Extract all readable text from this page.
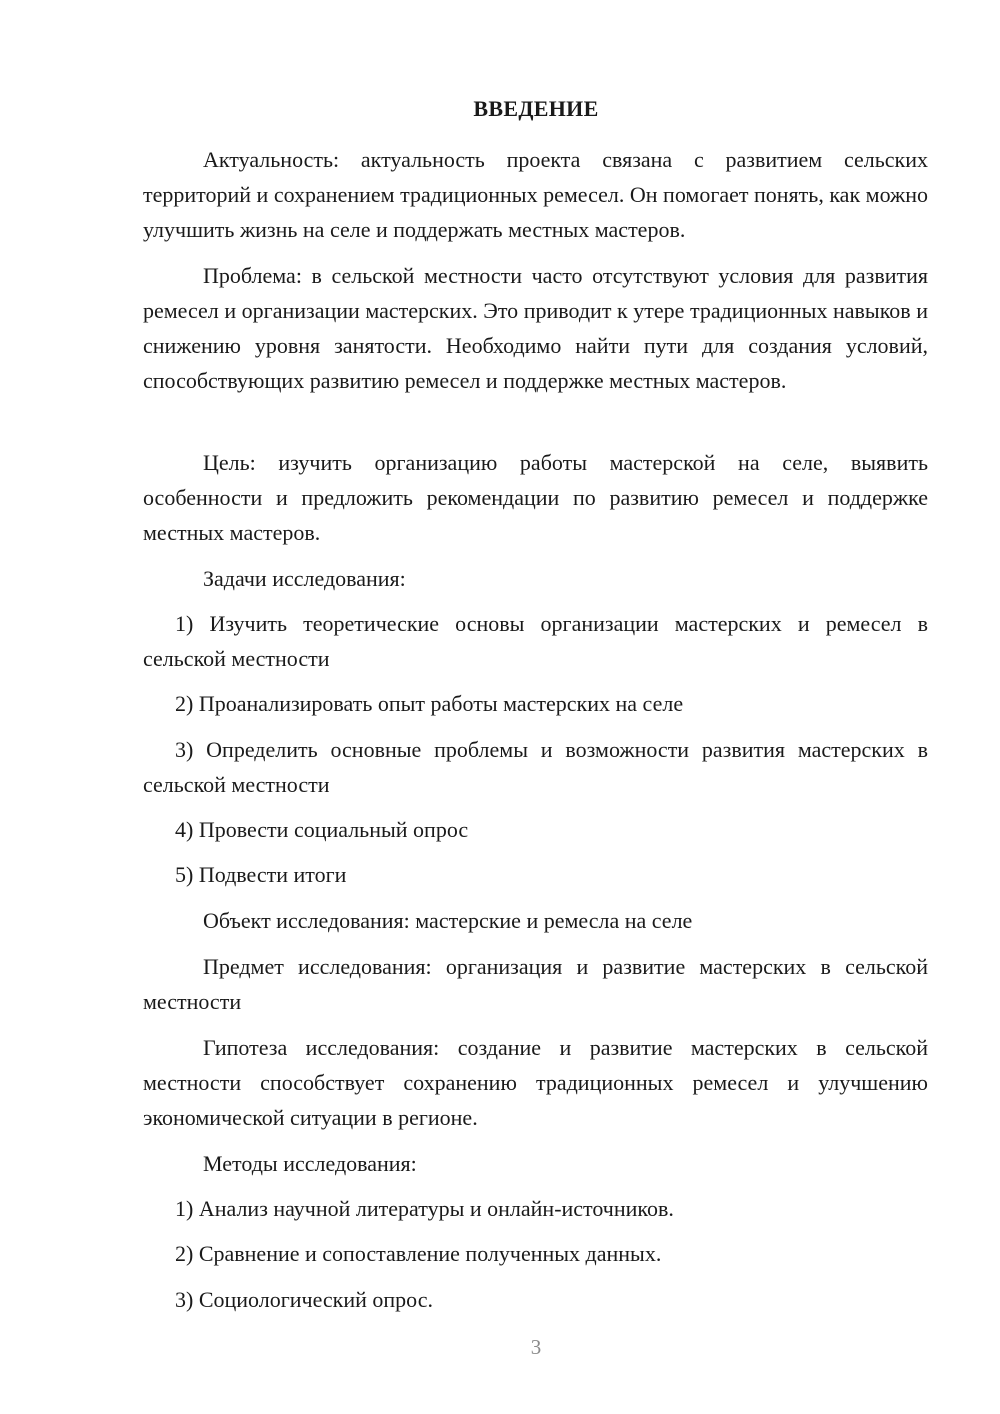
ВВЕДЕНИЕ

Актуальность: актуальность проекта связана с развитием сельских территорий и сохранением традиционных ремесел. Он помогает понять, как можно улучшить жизнь на селе и поддержать местных мастеров.

Проблема: в сельской местности часто отсутствуют условия для развития ремесел и организации мастерских. Это приводит к утере традиционных навыков и снижению уровня занятости. Необходимо найти пути для создания условий, способствующих развитию ремесел и поддержке местных мастеров.

Цель: изучить организацию работы мастерской на селе, выявить особенности и предложить рекомендации по развитию ремесел и поддержке местных мастеров.

Задачи исследования:

1) Изучить теоретические основы организации мастерских и ремесел в сельской местности

2) Проанализировать опыт работы мастерских на селе

3) Определить основные проблемы и возможности развития мастерских в сельской местности

4) Провести социальный опрос

5) Подвести итоги

Объект исследования: мастерские и ремесла на селе

Предмет исследования: организация и развитие мастерских в сельской местности

Гипотеза исследования: создание и развитие мастерских в сельской местности способствует сохранению традиционных ремесел и улучшению экономической ситуации в регионе.

Методы исследования:

1) Анализ научной литературы и онлайн-источников.

2) Сравнение и сопоставление полученных данных.

3) Социологический опрос.

3
